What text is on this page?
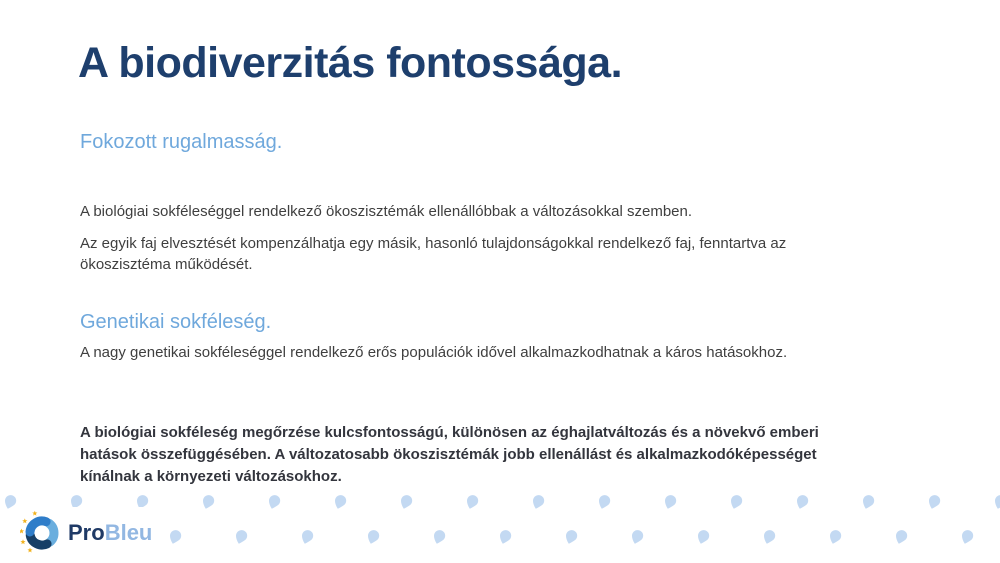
A biodiverzitás fontossága.
Fokozott rugalmasság.

A biológiai sokféleséggel rendelkező ökoszisztémák ellenállóbbak a változásokkal szemben.

Az egyik faj elvesztését kompenzálhatja egy másik, hasonló tulajdonságokkal rendelkező faj, fenntartva az ökoszisztéma működését.

Genetikai sokféleség.

A nagy genetikai sokféleséggel rendelkező erős populációk idővel alkalmazkodhatnak a káros hatásokhoz.

A biológiai sokféleség megőrzése kulcsfontosságú, különösen az éghajlatváltozás és a növekvő emberi hatások összefüggésében. A változatosabb ökoszisztémák jobb ellenállást és alkalmazkodóképességet kínálnak a környezeti változásokhoz.

ProBleu
